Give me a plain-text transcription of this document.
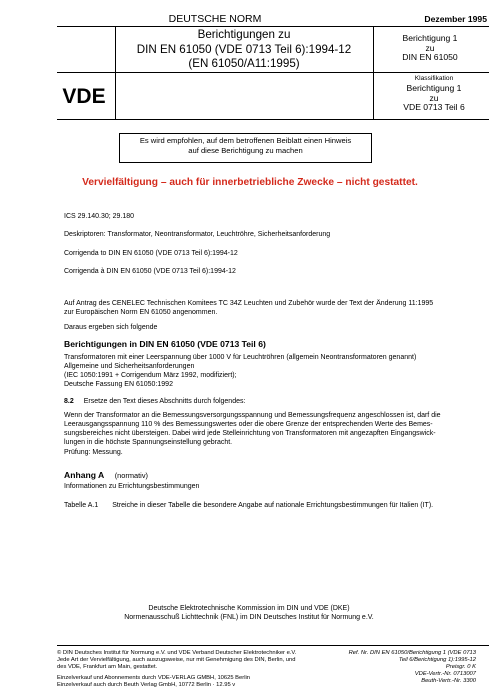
DEUTSCHE NORM	Dezember 1995
Berichtigungen zu
DIN EN 61050 (VDE 0713 Teil 6):1994-12
(EN 61050/A11:1995)
Berichtigung 1
zu
DIN EN 61050
Klassifikation
Berichtigung 1
zu
VDE 0713 Teil 6
VDE
Es wird empfohlen, auf dem betroffenen Beiblatt einen Hinweis
auf diese Berichtigung zu machen
Vervielfältigung – auch für innerbetriebliche Zwecke – nicht gestattet.
ICS 29.140.30; 29.180
Deskriptoren: Transformator, Neontransformator, Leuchtröhre, Sicherheitsanforderung
Corrigenda to DIN EN 61050 (VDE 0713 Teil 6):1994-12
Corrigenda à DIN EN 61050 (VDE 0713 Teil 6):1994-12
Auf Antrag des CENELEC Technischen Komitees TC 34Z Leuchten und Zubehör wurde der Text der Änderung 11:1995
zur Europäischen Norm EN 61050 angenommen.
Daraus ergeben sich folgende
Berichtigungen in DIN EN 61050 (VDE 0713 Teil 6)
Transformatoren mit einer Leerspannung über 1000 V für Leuchtröhren (allgemein Neontransformatoren genannt)
Allgemeine und Sicherheitsanforderungen
(IEC 1050:1991 + Corrigendum März 1992, modifiziert);
Deutsche Fassung EN 61050:1992
8.2 Ersetze den Text dieses Abschnitts durch folgendes:
Wenn der Transformator an die Bemessungsversorgungsspannung und Bemessungsfrequenz angeschlossen ist, darf die
Leerausgangsspannung 110 % des Bemessungswertes oder die obere Grenze der entsprechenden Werte des Bemes-
sungsbereiches nicht übersteigen. Dabei wird jede Stelleinrichtung von Transformatoren mit angezapften Eingangswick-
lungen in die höchste Spannungseinstellung gebracht.
Prüfung: Messung.
Anhang A (normativ)
Informationen zu Errichtungsbestimmungen
Tabelle A.1 Streiche in dieser Tabelle die besondere Angabe auf nationale Errichtungsbestimmungen für Italien (IT).
Deutsche Elektrotechnische Kommission im DIN und VDE (DKE)
Normenausschuß Lichttechnik (FNL) im DIN Deutsches Institut für Normung e.V.
© DIN Deutsches Institut für Normung e.V. und VDE Verband Deutscher Elektrotechniker e.V.
Jede Art der Vervielfältigung, auch auszugsweise, nur mit Genehmigung des DIN, Berlin, und
des VDE, Frankfurt am Main, gestattet.
Einzelverkauf und Abonnements durch VDE-VERLAG GMBH, 10625 Berlin
Einzelverkauf auch durch Beuth Verlag GmbH, 10772 Berlin · 12.95 v
Ref. Nr. DIN EN 61050/Berichtigung 1 (VDE 0713
Teil 6/Berichtigung 1):1995-12
Preisgr. 0 K
VDE-Vertr.-Nr. 0713007
Beuth-Vertr.-Nr. 3300
